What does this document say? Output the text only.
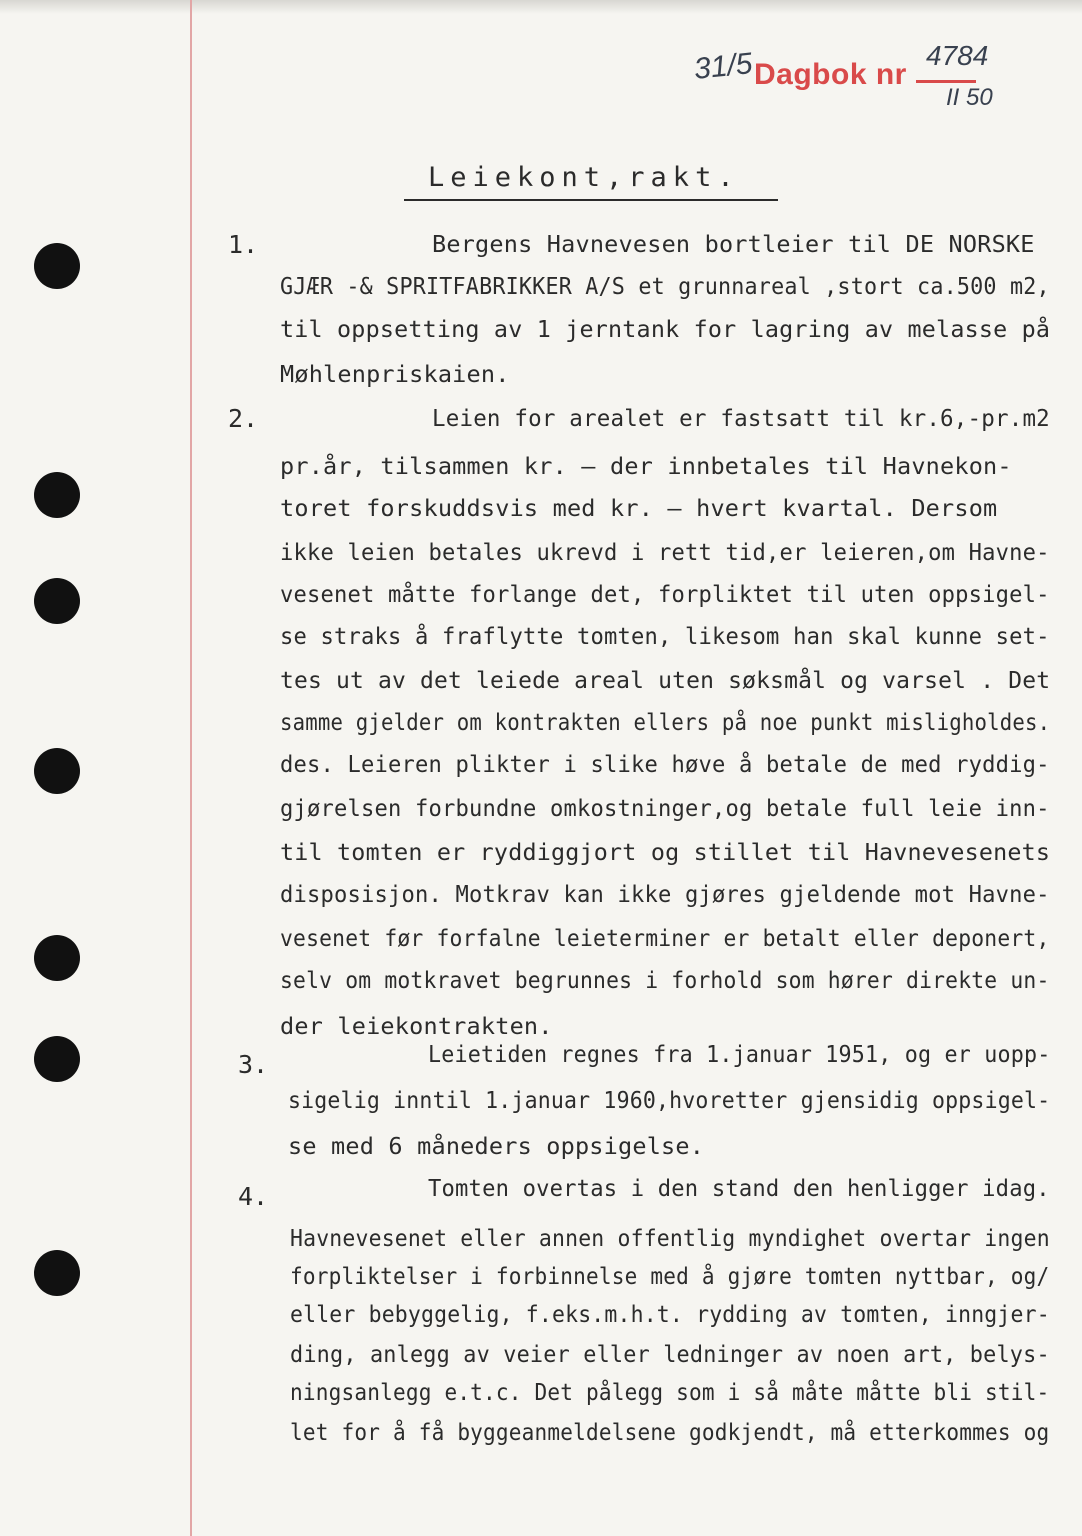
31/5 Dagbok nr
4784
II 50
Leiekont,rakt.
1.	Bergens Havnevesen bortleier til DE NORSKE
GJÆR -& SPRITFABRIKKER A/S et grunnareal ,stort ca.500 m2,
til oppsetting av 1 jerntank for lagring av melasse på
Møhlenpriskaien.
2.	Leien for arealet er fastsatt til kr.6,-pr.m2
pr.år, tilsammen kr. — der innbetales til Havnekon-
toret forskuddsvis med kr. — hvert kvartal. Dersom
ikke leien betales ukrevd i rett tid,er leieren,om Havne-
vesenet måtte forlange det, forpliktet til uten oppsigel-
se straks å fraflytte tomten, likesom han skal kunne set-
tes ut av det leiede areal uten søksmål og varsel . Det
samme gjelder om kontrakten ellers på noe punkt misligholdes.
des. Leieren plikter i slike høve å betale de med ryddig-
gjørelsen forbundne omkostninger,og betale full leie inn-
til tomten er ryddiggjort og stillet til Havnevesenets
disposisjon. Motkrav kan ikke gjøres gjeldende mot Havne-
vesenet før forfalne leieterminer er betalt eller deponert,
selv om motkravet begrunnes i forhold som hører direkte un-
der leiekontrakten.
3.	Leietiden regnes fra 1.januar 1951, og er uopp-
sigelig inntil 1.januar 1960,hvoretter gjensidig oppsigel-
se med 6 måneders oppsigelse.
4.	Tomten overtas i den stand den henligger idag.
Havnevesenet eller annen offentlig myndighet overtar ingen
forpliktelser i forbinnelse med å gjøre tomten nyttbar, og/
eller bebyggelig, f.eks.m.h.t. rydding av tomten, inngjer-
ding, anlegg av veier eller ledninger av noen art, belys-
ningsanlegg e.t.c. Det pålegg som i så måte måtte bli stil-
let for å få byggeanmeldelsene godkjendt, må etterkommes og
